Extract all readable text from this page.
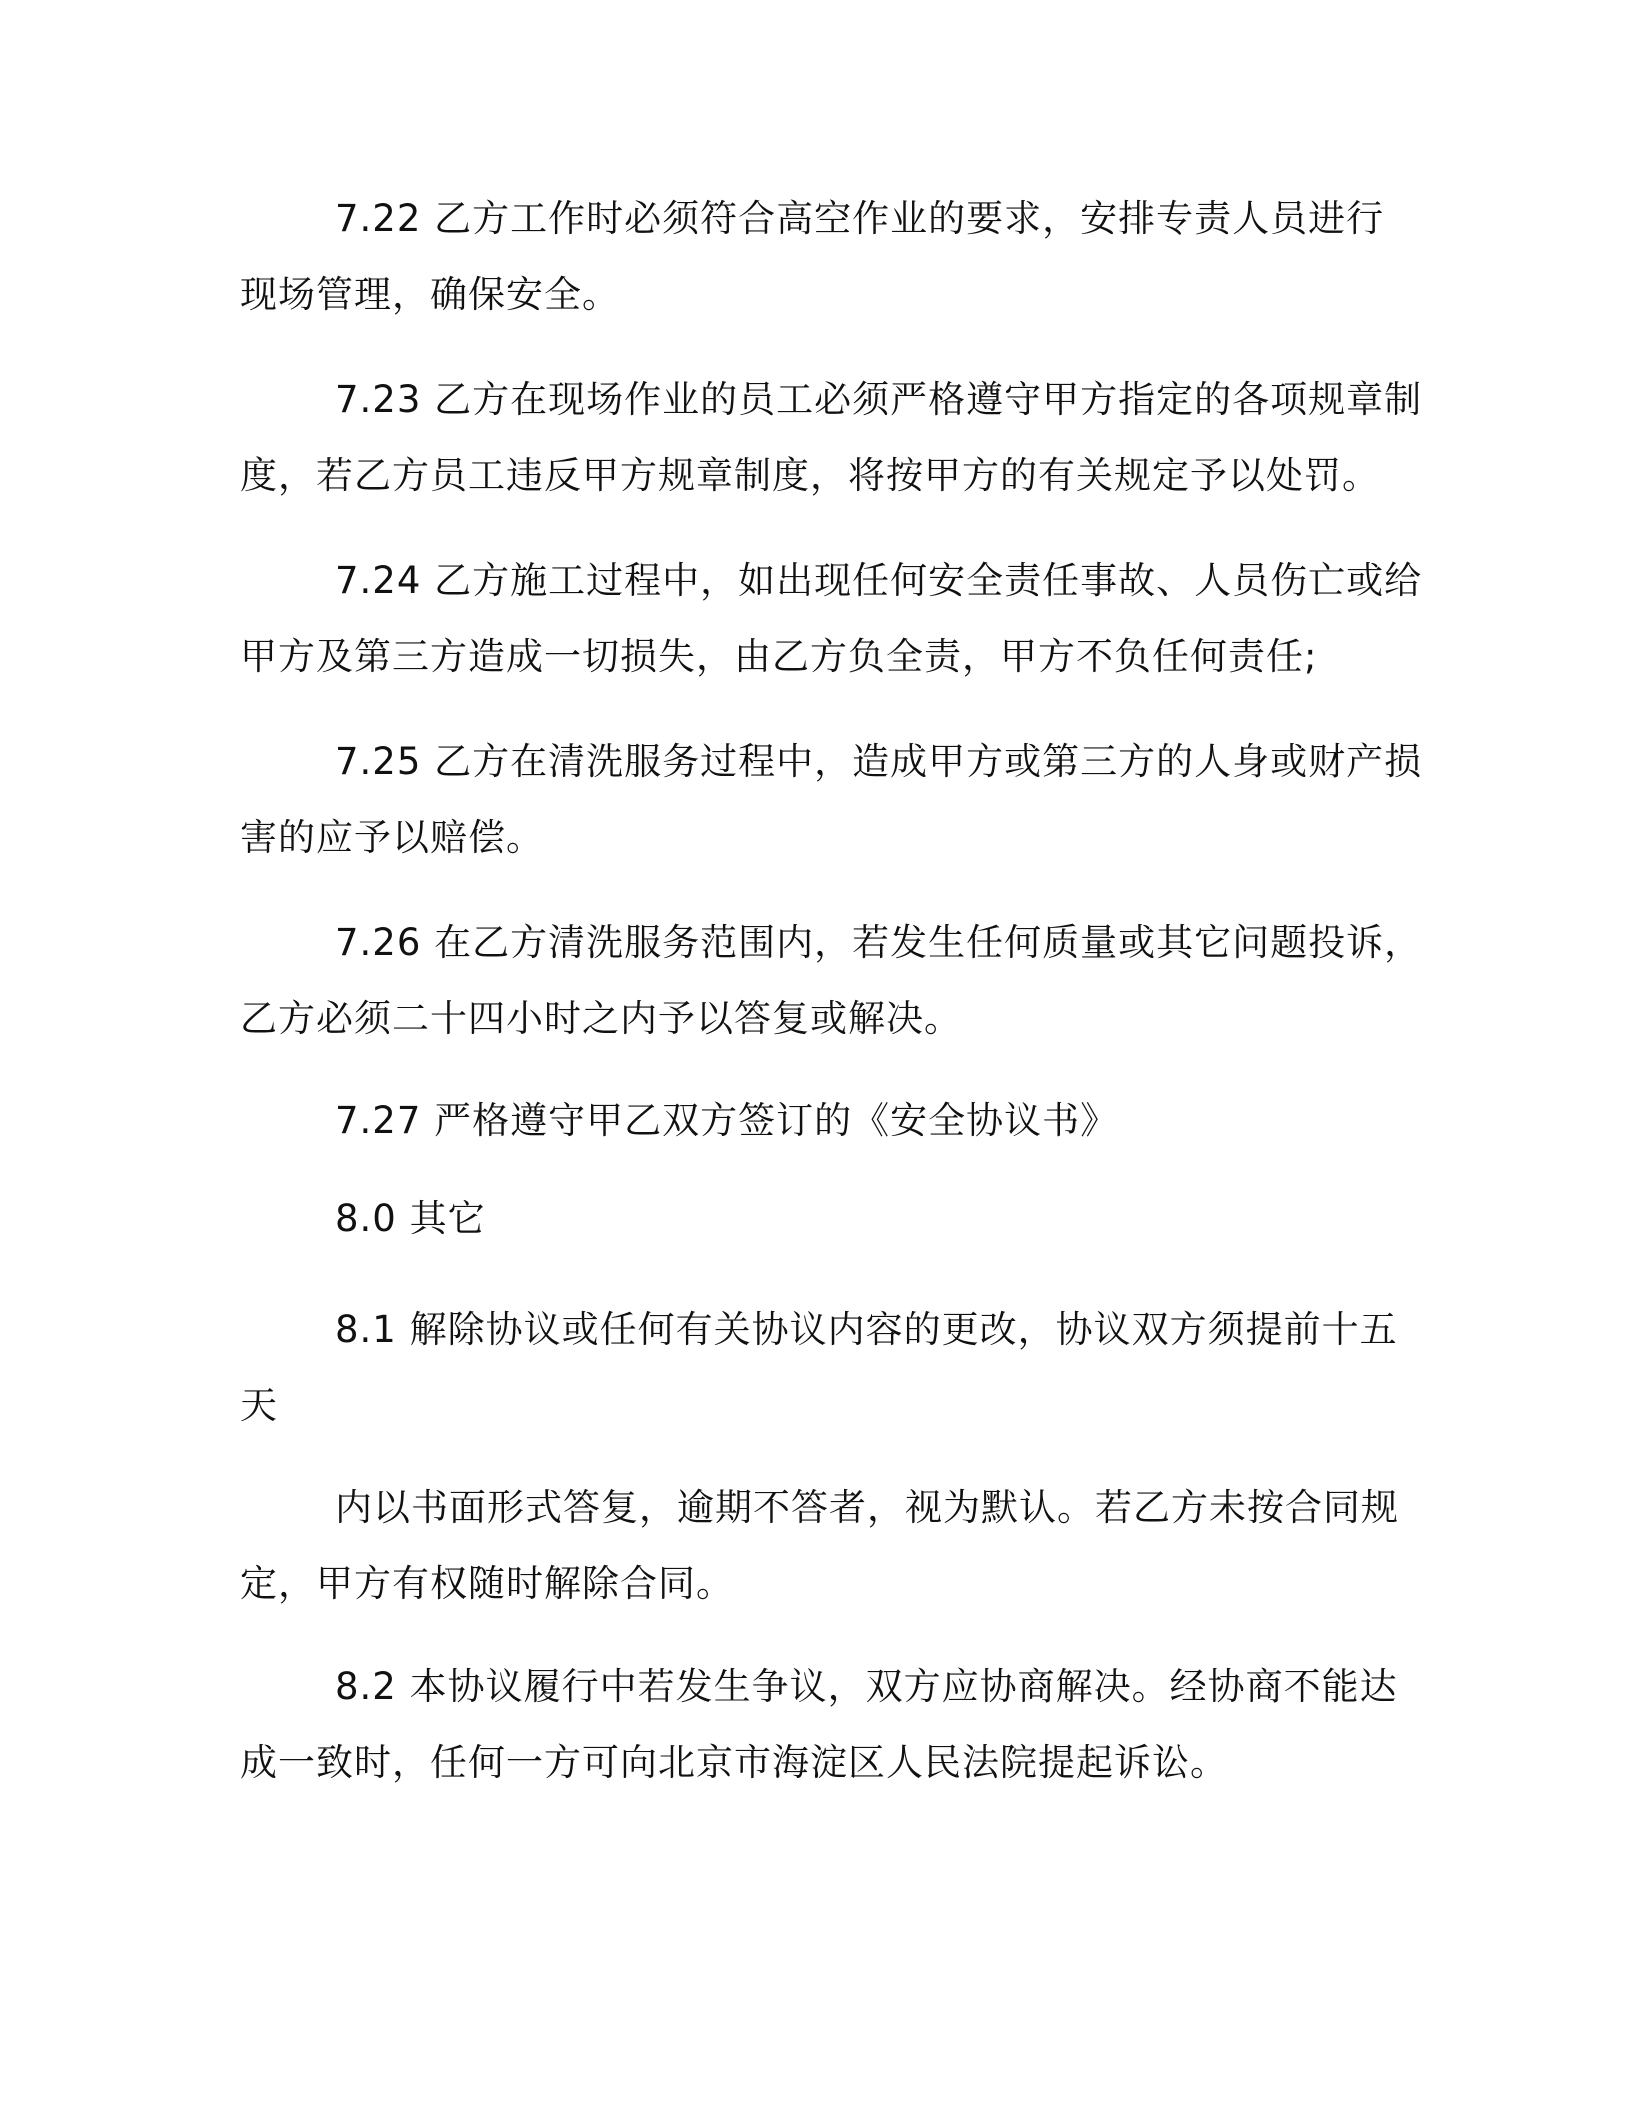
7.22 乙方工作时必须符合高空作业的要求，安排专责人员进行
现场管理，确保安全。
7.23 乙方在现场作业的员工必须严格遵守甲方指定的各项规章制
度，若乙方员工违反甲方规章制度，将按甲方的有关规定予以处罚。
7.24 乙方施工过程中，如出现任何安全责任事故、人员伤亡或给
甲方及第三方造成一切损失，由乙方负全责，甲方不负任何责任;
7.25 乙方在清洗服务过程中，造成甲方或第三方的人身或财产损
害的应予以赔偿。
7.26 在乙方清洗服务范围内，若发生任何质量或其它问题投诉，
乙方必须二十四小时之内予以答复或解决。
7.27 严格遵守甲乙双方签订的《安全协议书》
8.0 其它
8.1 解除协议或任何有关协议内容的更改，协议双方须提前十五
天
内以书面形式答复，逾期不答者，视为默认。若乙方未按合同规
定，甲方有权随时解除合同。
8.2 本协议履行中若发生争议，双方应协商解决。经协商不能达
成一致时，任何一方可向北京市海淀区人民法院提起诉讼。
